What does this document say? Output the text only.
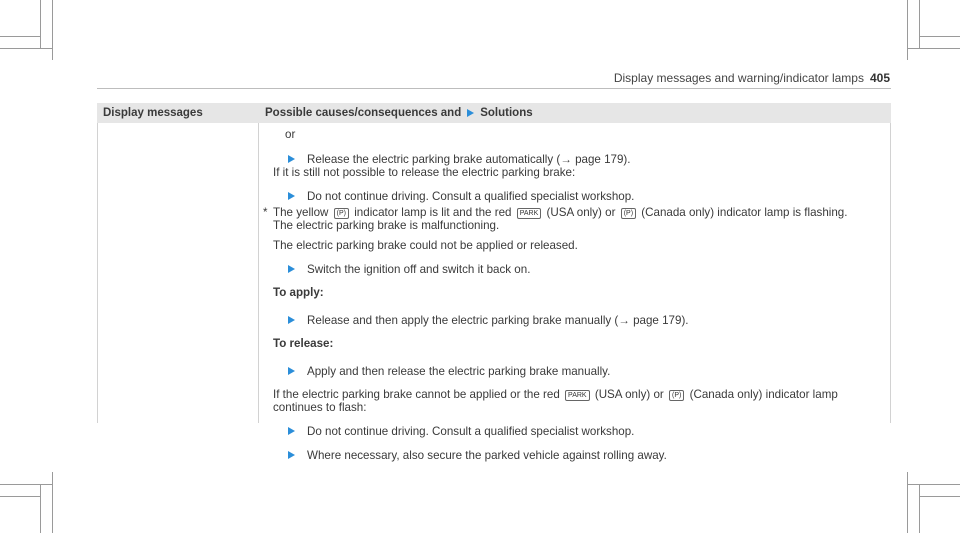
Display messages and warning/indicator lamps 405
Display messages	Possible causes/consequences and Solutions

or

Release the electric parking brake automatically (→ page 179).

If it is still not possible to release the electric parking brake:

Do not continue driving. Consult a qualified specialist workshop.
* The yellow (P) indicator lamp is lit and the red PARK (USA only) or (P) (Canada only) indicator lamp is flashing.

The electric parking brake is malfunctioning.

The electric parking brake could not be applied or released.

Switch the ignition off and switch it back on.

To apply:

Release and then apply the electric parking brake manually (→ page 179).

To release:

Apply and then release the electric parking brake manually.

If the electric parking brake cannot be applied or the red PARK (USA only) or (P) (Canada only) indicator lamp

continues to flash:

Do not continue driving. Consult a qualified specialist workshop.
Where necessary, also secure the parked vehicle against rolling away.
